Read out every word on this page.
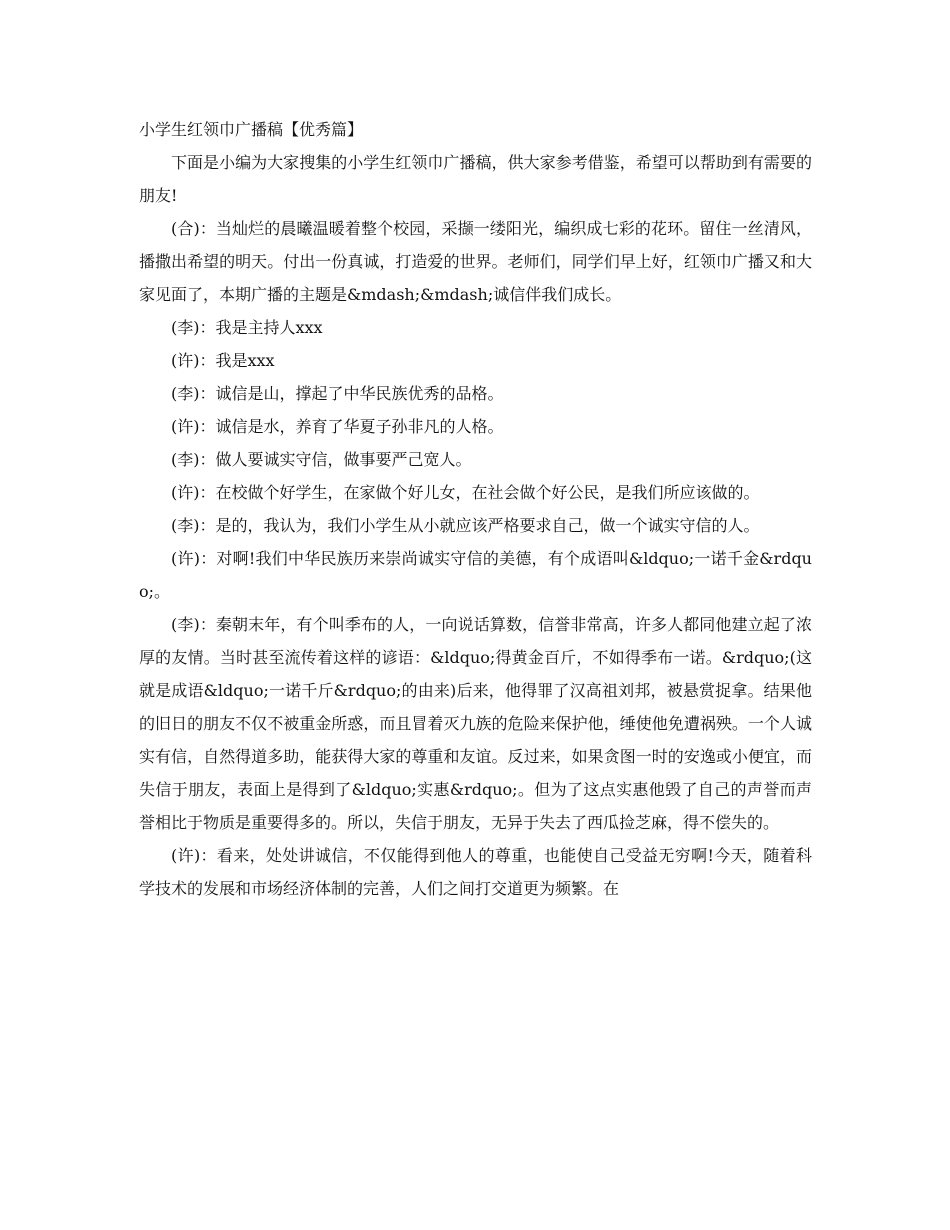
小学生红领巾广播稿【优秀篇】

下面是小编为大家搜集的小学生红领巾广播稿，供大家参考借鉴，希望可以帮助到有需要的朋友!

(合)：当灿烂的晨曦温暖着整个校园，采撷一缕阳光，编织成七彩的花环。留住一丝清风，播撒出希望的明天。付出一份真诚，打造爱的世界。老师们，同学们早上好，红领巾广播又和大家见面了，本期广播的主题是&mdash;&mdash;诚信伴我们成长。

(李)：我是主持人xxx

(许)：我是xxx

(李)：诚信是山，撑起了中华民族优秀的品格。

(许)：诚信是水，养育了华夏子孙非凡的人格。

(李)：做人要诚实守信，做事要严己宽人。

(许)：在校做个好学生，在家做个好儿女，在社会做个好公民，是我们所应该做的。

(李)：是的，我认为，我们小学生从小就应该严格要求自己，做一个诚实守信的人。

(许)：对啊!我们中华民族历来崇尚诚实守信的美德，有个成语叫&ldquo;一诺千金&rdquo;。

(李)：秦朝末年，有个叫季布的人，一向说话算数，信誉非常高，许多人都同他建立起了浓厚的友情。当时甚至流传着这样的谚语：&ldquo;得黄金百斤，不如得季布一诺。&rdquo;(这就是成语&ldquo;一诺千斤&rdquo;的由来)后来，他得罪了汉高祖刘邦，被悬赏捉拿。结果他的旧日的朋友不仅不被重金所惑，而且冒着灭九族的危险来保护他，缍使他免遭祸殃。一个人诚实有信，自然得道多助，能获得大家的尊重和友谊。反过来，如果贪图一时的安逸或小便宜，而失信于朋友，表面上是得到了&ldquo;实惠&rdquo;。但为了这点实惠他毁了自己的声誉而声誉相比于物质是重要得多的。所以，失信于朋友，无异于失去了西瓜捡芝麻，得不偿失的。

(许)：看来，处处讲诚信，不仅能得到他人的尊重，也能使自己受益无穷啊!今天，随着科学技术的发展和市场经济体制的完善，人们之间打交道更为频繁。在
